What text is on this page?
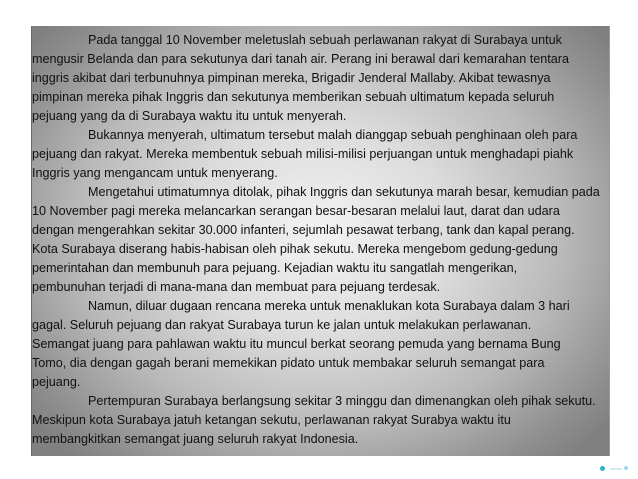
Pada tanggal 10 November meletuslah sebuah perlawanan rakyat di Surabaya untuk
mengusir Belanda dan para sekutunya dari tanah air. Perang ini berawal dari kemarahan tentara
inggris akibat dari terbunuhnya pimpinan mereka, Brigadir Jenderal Mallaby. Akibat tewasnya
pimpinan mereka pihak Inggris dan sekutunya memberikan sebuah ultimatum kepada seluruh
pejuang yang da di Surabaya waktu itu untuk menyerah.
Bukannya menyerah, ultimatum tersebut malah dianggap sebuah penghinaan oleh para
pejuang dan rakyat. Mereka membentuk sebuah milisi-milisi perjuangan untuk menghadapi piahk
Inggris yang mengancam untuk menyerang.
Mengetahui utimatumnya ditolak, pihak Inggris dan sekutunya marah besar, kemudian pada
10 November pagi mereka melancarkan serangan besar-besaran melalui laut, darat dan udara
dengan mengerahkan sekitar 30.000 infanteri, sejumlah pesawat terbang, tank dan kapal perang.
Kota Surabaya diserang habis-habisan oleh pihak sekutu. Mereka mengebom gedung-gedung
pemerintahan dan membunuh para pejuang. Kejadian waktu itu sangatlah mengerikan,
pembunuhan terjadi di mana-mana dan membuat para pejuang terdesak.
Namun, diluar dugaan rencana mereka untuk menaklukan kota Surabaya dalam 3 hari
gagal. Seluruh pejuang dan rakyat Surabaya turun ke jalan untuk melakukan perlawanan.
Semangat juang para pahlawan waktu itu muncul berkat seorang pemuda yang bernama Bung
Tomo, dia dengan gagah berani memekikan pidato untuk membakar seluruh semangat para
pejuang.
Pertempuran Surabaya berlangsung sekitar 3 minggu dan dimenangkan oleh pihak sekutu.
Meskipun kota Surabaya jatuh ketangan sekutu, perlawanan rakyat Surabya waktu itu
membangkitkan semangat juang seluruh rakyat Indonesia.
